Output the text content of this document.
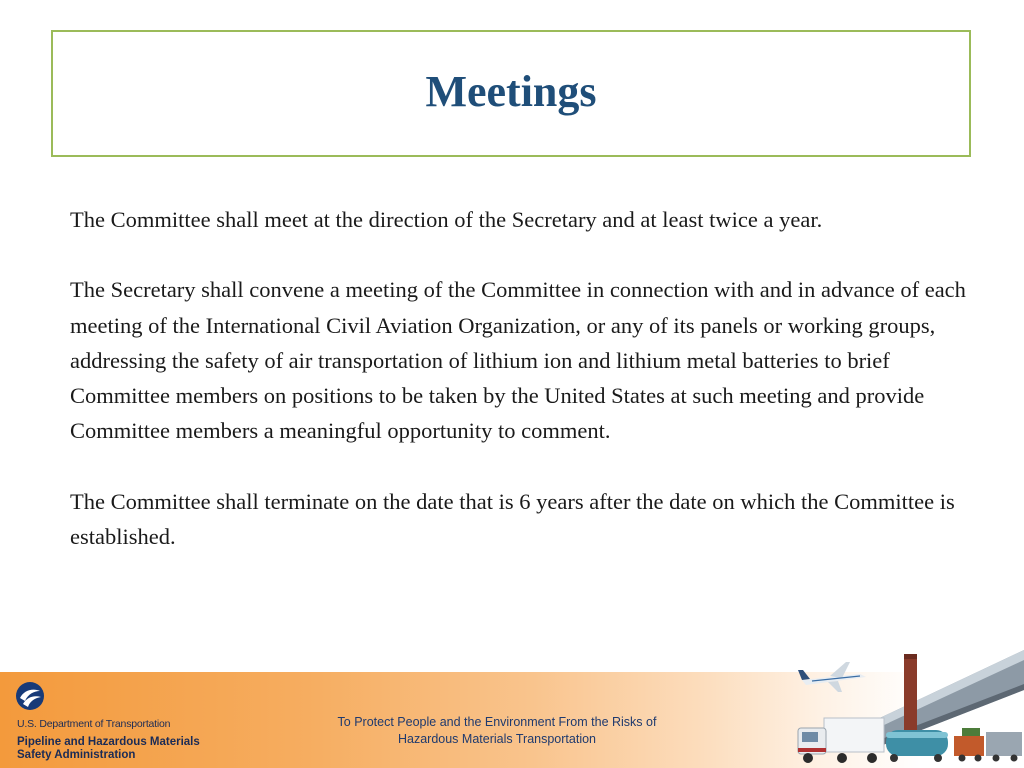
Meetings

The Committee shall meet at the direction of the Secretary and at least twice a year.

The Secretary shall convene a meeting of the Committee in connection with and in advance of each meeting of the International Civil Aviation Organization, or any of its panels or working groups, addressing the safety of air transportation of lithium ion and lithium metal batteries to brief Committee members on positions to be taken by the United States at such meeting and provide Committee members a meaningful opportunity to comment.

The Committee shall terminate on the date that is 6 years after the date on which the Committee is established.

U.S. Department of Transportation
Pipeline and Hazardous Materials
Safety Administration
To Protect People and the Environment From the Risks of
Hazardous Materials Transportation
